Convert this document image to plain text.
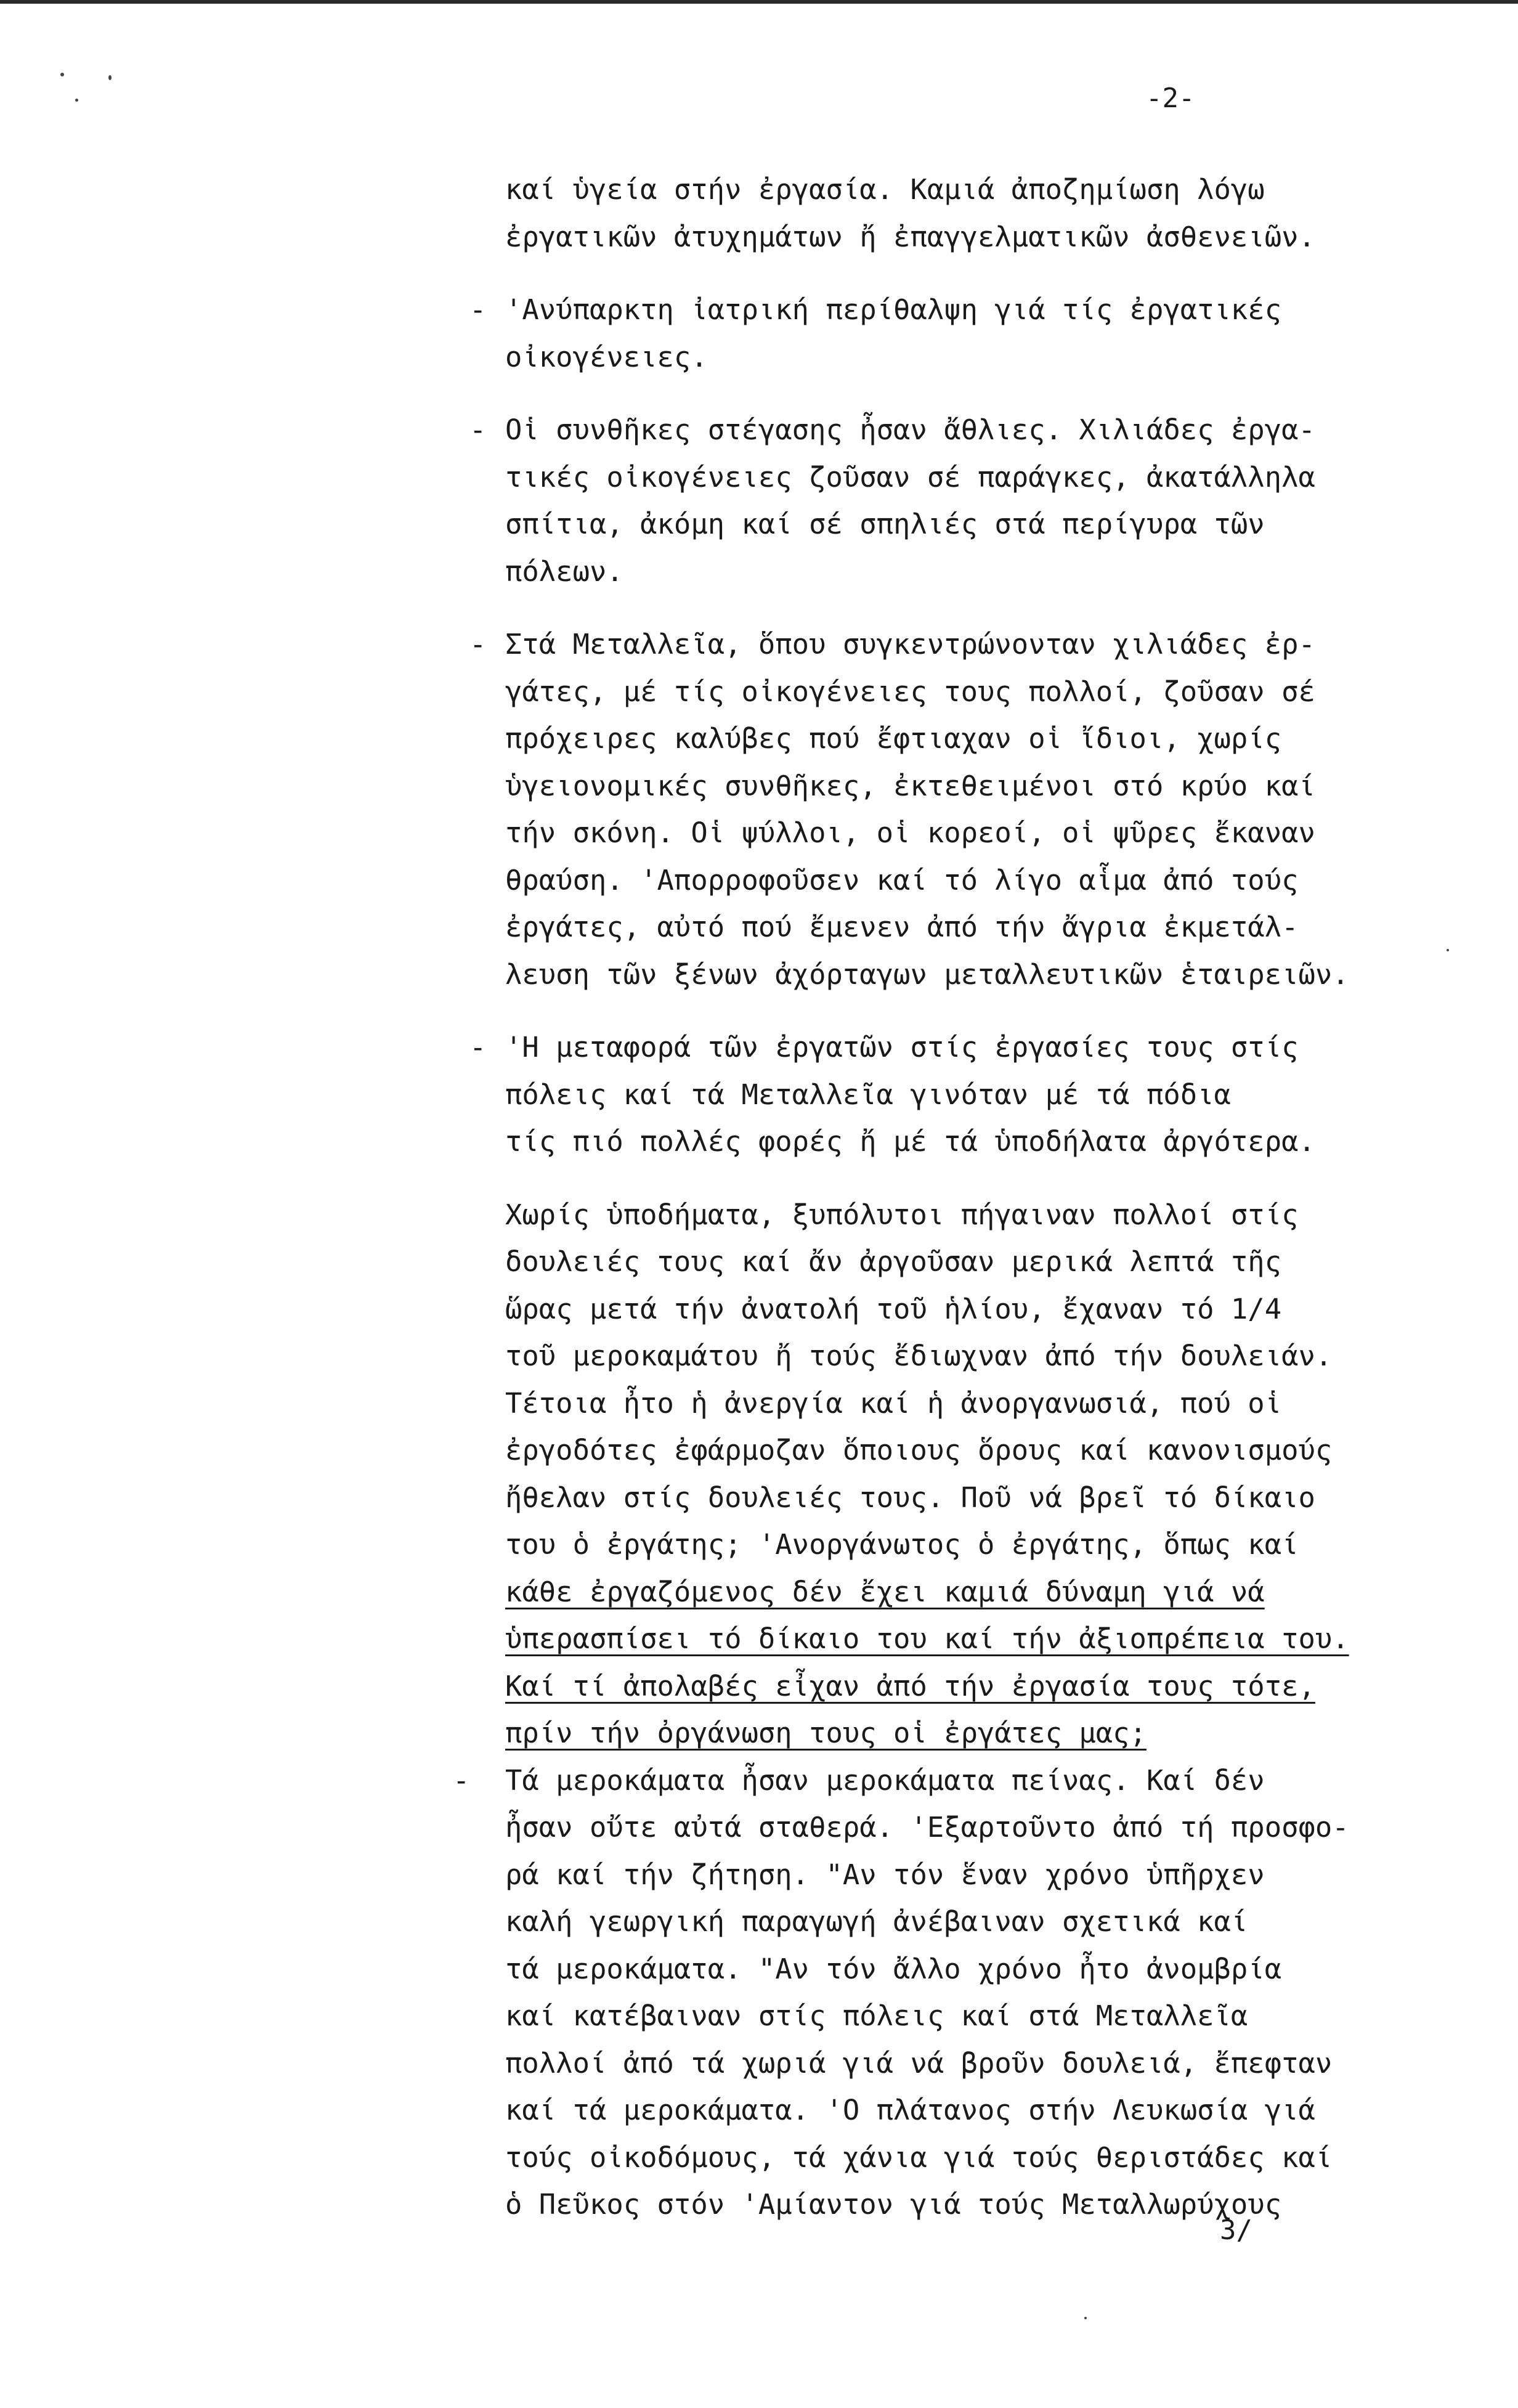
-2-
καί ὑγεία στήν ἐργασία. Καμιά ἀποζημίωση λόγω
ἐργατικῶν ἀτυχημάτων ἤ ἐπαγγελματικῶν ἀσθενειῶν.
- 'Ανύπαρκτη ἰατρική περίθαλψη γιά τίς ἐργατικές
οἰκογένειες.
- Οἱ συνθῆκες στέγασης ἦσαν ἄθλιες. Χιλιάδες ἐργα-
τικές οἰκογένειες ζοῦσαν σέ παράγκες, ἀκατάλληλα
σπίτια, ἀκόμη καί σέ σπηλιές στά περίγυρα τῶν
πόλεων.
- Στά Μεταλλεῖα, ὅπου συγκεντρώνονταν χιλιάδες ἐρ-
γάτες, μέ τίς οἰκογένειες τους πολλοί, ζοῦσαν σέ
πρόχειρες καλύβες πού ἔφτιαχαν οἱ ἴδιοι, χωρίς
ὑγειονομικές συνθῆκες, ἐκτεθειμένοι στό κρύο καί
τήν σκόνη. Οἱ ψύλλοι, οἱ κορεοί, οἱ ψῦρες ἔκαναν
θραύση. 'Απορροφοῦσεν καί τό λίγο αἷμα ἀπό τούς
ἐργάτες, αὐτό πού ἔμενεν ἀπό τήν ἄγρια ἐκμετάλ-
λευση τῶν ξένων ἀχόρταγων μεταλλευτικῶν ἑταιρειῶν.
- 'Η μεταφορά τῶν ἐργατῶν στίς ἐργασίες τους στίς
πόλεις καί τά Μεταλλεῖα γινόταν μέ τά πόδια
τίς πιό πολλές φορές ἤ μέ τά ὑποδήλατα ἀργότερα.
Χωρίς ὑποδήματα, ξυπόλυτοι πήγαιναν πολλοί στίς
δουλειές τους καί ἄν ἀργοῦσαν μερικά λεπτά τῆς
ὥρας μετά τήν ἀνατολή τοῦ ἡλίου, ἔχαναν τό 1/4
τοῦ μεροκαμάτου ἤ τούς ἔδιωχναν ἀπό τήν δουλειάν.
Τέτοια ἦτο ἡ ἀνεργία καί ἡ ἀνοργανωσιά, πού οἱ
ἐργοδότες ἐφάρμοζαν ὅποιους ὅρους καί κανονισμούς
ἤθελαν στίς δουλειές τους. Ποῦ νά βρεῖ τό δίκαιο
του ὁ ἐργάτης; 'Ανοργάνωτος ὁ ἐργάτης, ὅπως καί
κάθε ἐργαζόμενος δέν ἔχει καμιά δύναμη γιά νά
ὑπερασπίσει τό δίκαιο του καί τήν ἀξιοπρέπεια του.
Καί τί ἀπολαβές εἶχαν ἀπό τήν ἐργασία τους τότε,
πρίν τήν ὀργάνωση τους οἱ ἐργάτες μας;
- Τά μεροκάματα ἦσαν μεροκάματα πείνας. Καί δέν
ἦσαν οὔτε αὐτά σταθερά. 'Εξαρτοῦντο ἀπό τή προσφο-
ρά καί τήν ζήτηση. "Αν τόν ἕναν χρόνο ὑπῆρχεν
καλή γεωργική παραγωγή ἀνέβαιναν σχετικά καί
τά μεροκάματα. "Αν τόν ἄλλο χρόνο ἦτο ἀνομβρία
καί κατέβαιναν στίς πόλεις καί στά Μεταλλεῖα
πολλοί ἀπό τά χωριά γιά νά βροῦν δουλειά, ἔπεφταν
καί τά μεροκάματα. 'Ο πλάτανος στήν Λευκωσία γιά
τούς οἰκοδόμους, τά χάνια γιά τούς θεριστάδες καί
ὁ Πεῦκος στόν 'Αμίαντον γιά τούς Μεταλλωρύχους
3/
